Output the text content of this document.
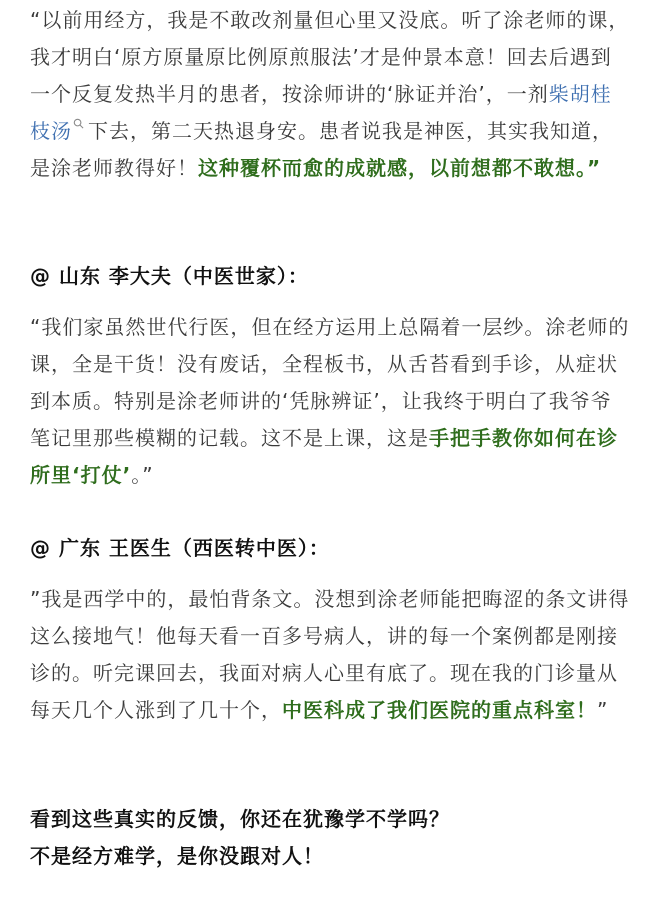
“以前用经方，我是不敢改剂量但心里又没底。听了涂老师的课，我才明白‘原方原量原比例原煎服法’才是仲景本意！回去后遇到一个反复发热半月的患者，按涂师讲的‘脉证并治’，一剂柴胡桂枝汤 下去，第二天热退身安。患者说我是神医，其实我知道，是涂老师教得好！这种覆杯而愈的成就感，以前想都不敢想。”

@ 山东 李大夫（中医世家）：

“我们家虽然世代行医，但在经方运用上总隔着一层纱。涂老师的课，全是干货！没有废话，全程板书，从舌苔看到手诊，从症状到本质。特别是涂老师讲的‘凭脉辨证’，让我终于明白了我爷爷笔记里那些模糊的记载。这不是上课，这是手把手教你如何在诊所里‘打仗’。”

@ 广东 王医生（西医转中医）：

”我是西学中的，最怕背条文。没想到涂老师能把晦涩的条文讲得这么接地气！他每天看一百多号病人，讲的每一个案例都是刚接诊的。听完课回去，我面对病人心里有底了。现在我的门诊量从每天几个人涨到了几十个，中医科成了我们医院的重点科室！”

看到这些真实的反馈，你还在犹豫学不学吗？

不是经方难学，是你没跟对人！
